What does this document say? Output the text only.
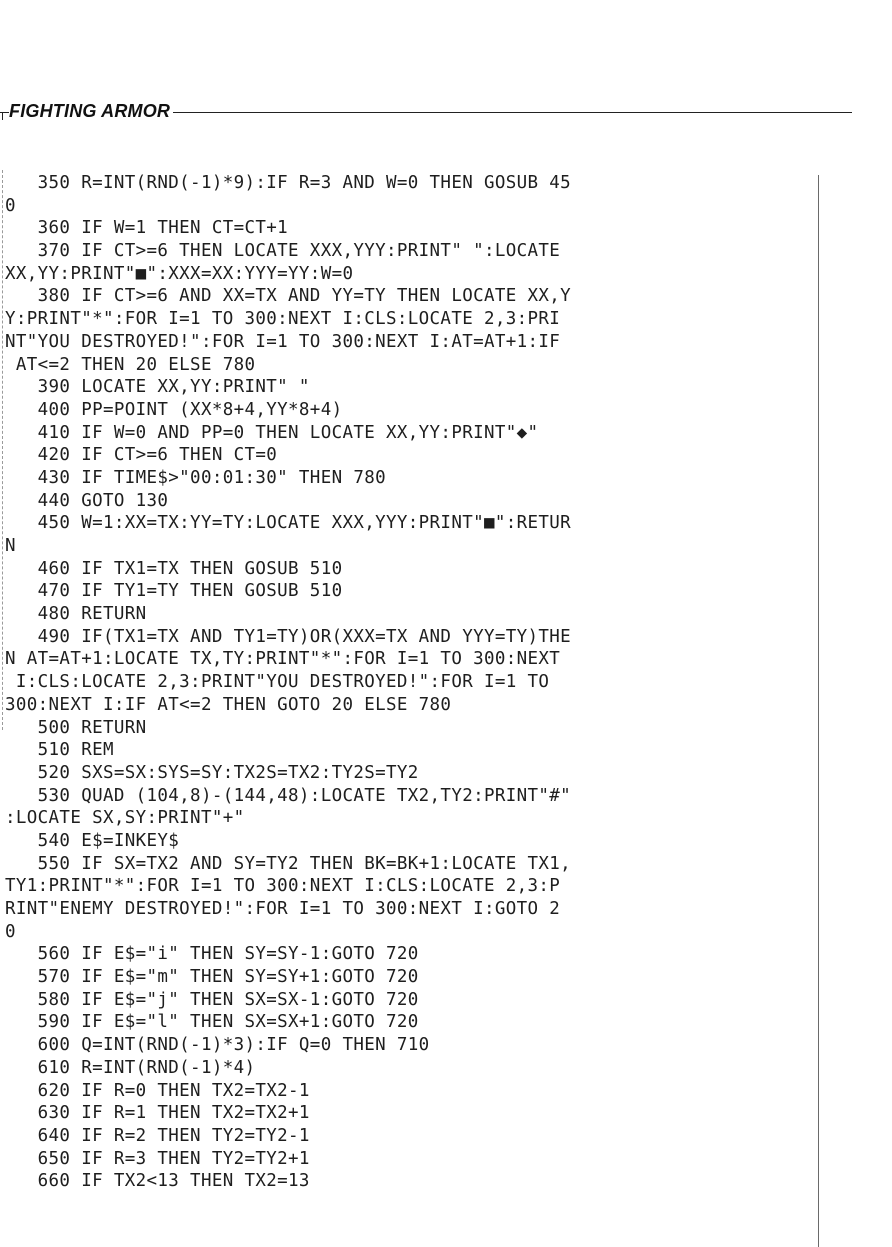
FIGHTING ARMOR
350 R=INT(RND(-1)*9):IF R=3 AND W=0 THEN GOSUB 45
0
360 IF W=1 THEN CT=CT+1
370 IF CT>=6 THEN LOCATE XXX,YYY:PRINT" ":LOCATE
XX,YY:PRINT"■":XXX=XX:YYY=YY:W=0
380 IF CT>=6 AND XX=TX AND YY=TY THEN LOCATE XX,Y
Y:PRINT"*":FOR I=1 TO 300:NEXT I:CLS:LOCATE 2,3:PRI
NT"YOU DESTROYED!":FOR I=1 TO 300:NEXT I:AT=AT+1:IF
AT<=2 THEN 20 ELSE 780
390 LOCATE XX,YY:PRINT" "
400 PP=POINT (XX*8+4,YY*8+4)
410 IF W=0 AND PP=0 THEN LOCATE XX,YY:PRINT"◆"
420 IF CT>=6 THEN CT=0
430 IF TIME$>"00:01:30" THEN 780
440 GOTO 130
450 W=1:XX=TX:YY=TY:LOCATE XXX,YYY:PRINT"■":RETUR
N
460 IF TX1=TX THEN GOSUB 510
470 IF TY1=TY THEN GOSUB 510
480 RETURN
490 IF(TX1=TX AND TY1=TY)OR(XXX=TX AND YYY=TY)THE
N AT=AT+1:LOCATE TX,TY:PRINT"*":FOR I=1 TO 300:NEXT
I:CLS:LOCATE 2,3:PRINT"YOU DESTROYED!":FOR I=1 TO
300:NEXT I:IF AT<=2 THEN GOTO 20 ELSE 780
500 RETURN
510 REM
520 SXS=SX:SYS=SY:TX2S=TX2:TY2S=TY2
530 QUAD (104,8)-(144,48):LOCATE TX2,TY2:PRINT"#"
:LOCATE SX,SY:PRINT"+"
540 E$=INKEY$
550 IF SX=TX2 AND SY=TY2 THEN BK=BK+1:LOCATE TX1,
TY1:PRINT"*":FOR I=1 TO 300:NEXT I:CLS:LOCATE 2,3:P
RINT"ENEMY DESTROYED!":FOR I=1 TO 300:NEXT I:GOTO 2
0
560 IF E$="i" THEN SY=SY-1:GOTO 720
570 IF E$="m" THEN SY=SY+1:GOTO 720
580 IF E$="j" THEN SX=SX-1:GOTO 720
590 IF E$="l" THEN SX=SX+1:GOTO 720
600 Q=INT(RND(-1)*3):IF Q=0 THEN 710
610 R=INT(RND(-1)*4)
620 IF R=0 THEN TX2=TX2-1
630 IF R=1 THEN TX2=TX2+1
640 IF R=2 THEN TY2=TY2-1
650 IF R=3 THEN TY2=TY2+1
660 IF TX2<13 THEN TX2=13
